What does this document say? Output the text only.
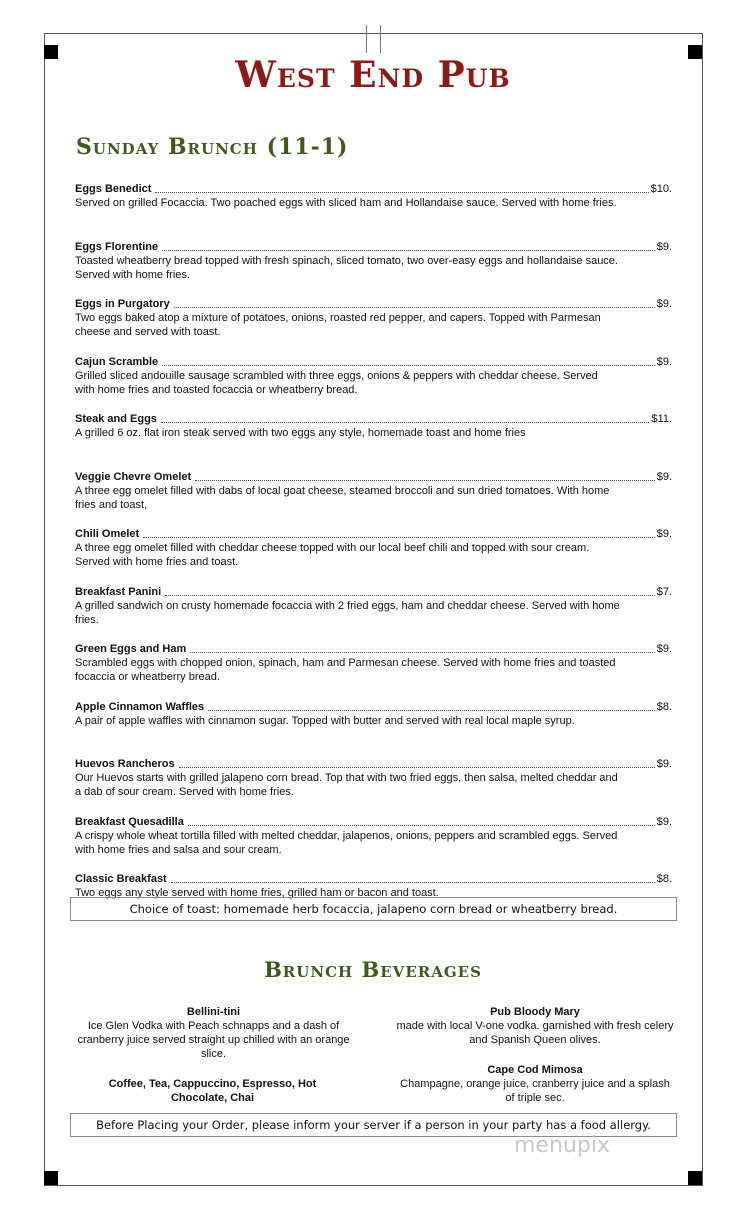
West End Pub
Sunday Brunch (11-1)
Eggs Benedict	$10.
Served on grilled Focaccia. Two poached eggs with sliced ham and Hollandaise sauce. Served with home fries.
Eggs Florentine	$9.
Toasted wheatberry bread topped with fresh spinach, sliced tomato, two over-easy eggs and hollandaise sauce. Served with home fries.
Eggs in Purgatory	$9.
Two eggs baked atop a mixture of potatoes, onions, roasted red pepper, and capers. Topped with Parmesan cheese and served with toast.
Cajun Scramble	$9.
Grilled sliced andouille sausage scrambled with three eggs, onions & peppers with cheddar cheese. Served with home fries and toasted focaccia or wheatberry bread.
Steak and Eggs	$11.
A grilled 6 oz. flat iron steak served with two eggs any style, homemade toast and home fries
Veggie Chevre Omelet	$9.
A three egg omelet filled with dabs of local goat cheese, steamed broccoli and sun dried tomatoes. With home fries and toast,
Chili Omelet	$9.
A three egg omelet filled with cheddar cheese topped with our local beef chili and topped with sour cream. Served with home fries and toast.
Breakfast Panini	$7.
A grilled sandwich on crusty homemade focaccia with 2 fried eggs, ham and cheddar cheese. Served with home fries.
Green Eggs and Ham	$9.
Scrambled eggs with chopped onion, spinach, ham and Parmesan cheese. Served with home fries and toasted focaccia or wheatberry bread.
Apple Cinnamon Waffles	$8.
A pair of apple waffles with cinnamon sugar. Topped with butter and served with real local maple syrup.
Huevos Rancheros	$9.
Our Huevos starts with grilled jalapeno corn bread. Top that with two fried eggs, then salsa, melted cheddar and a dab of sour cream. Served with home fries.
Breakfast Quesadilla	$9.
A crispy whole wheat tortilla filled with melted cheddar, jalapenos, onions, peppers and scrambled eggs. Served with home fries and salsa and sour cream.
Classic Breakfast	$8.
Two eggs any style served with home fries, grilled ham or bacon and toast.
Choice of toast: homemade herb focaccia, jalapeno corn bread or wheatberry bread.
Brunch Beverages
Bellini-tini
Ice Glen Vodka with Peach schnapps and a dash of cranberry juice served straight up chilled with an orange slice.
Coffee, Tea, Cappuccino, Espresso, Hot Chocolate, Chai
Pub Bloody Mary
made with local V-one vodka. garnished with fresh celery and Spanish Queen olives.
Cape Cod Mimosa
Champagne, orange juice, cranberry juice and a splash of triple sec.
Before Placing your Order, please inform your server if a person in your party has a food allergy.
menupix
